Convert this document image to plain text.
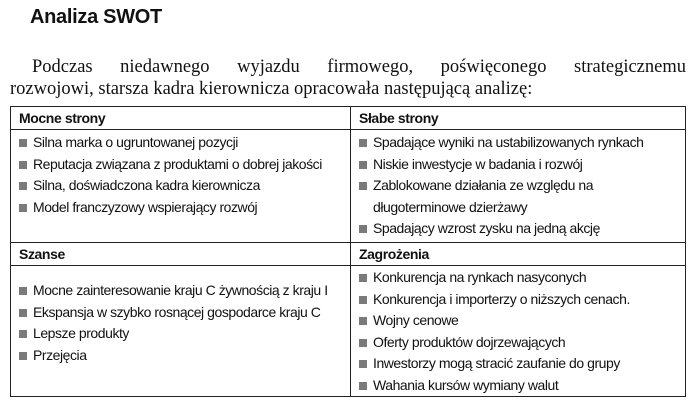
Analiza SWOT
Podczas niedawnego wyjazdu firmowego, poświęconego strategicznemu
rozwojowi, starsza kadra kierownicza opracowała następującą analizę:
Mocne strony
Silna marka o ugruntowanej pozycji
Reputacja związana z produktami o dobrej jakości
Silna, doświadczona kadra kierownicza
Model franczyzowy wspierający rozwój
Słabe strony
Spadające wyniki na ustabilizowanych rynkach
Niskie inwestycje w badania i rozwój
Zablokowane działania ze względu na długoterminowe dzierżawy
Spadający wzrost zysku na jedną akcję
Szanse
Mocne zainteresowanie kraju C żywnością z kraju I
Ekspansja w szybko rosnącej gospodarce kraju C
Lepsze produkty
Przejęcia
Zagrożenia
Konkurencja na rynkach nasyconych
Konkurencja i importerzy o niższych cenach.
Wojny cenowe
Oferty produktów dojrzewających
Inwestorzy mogą stracić zaufanie do grupy
Wahania kursów wymiany walut
